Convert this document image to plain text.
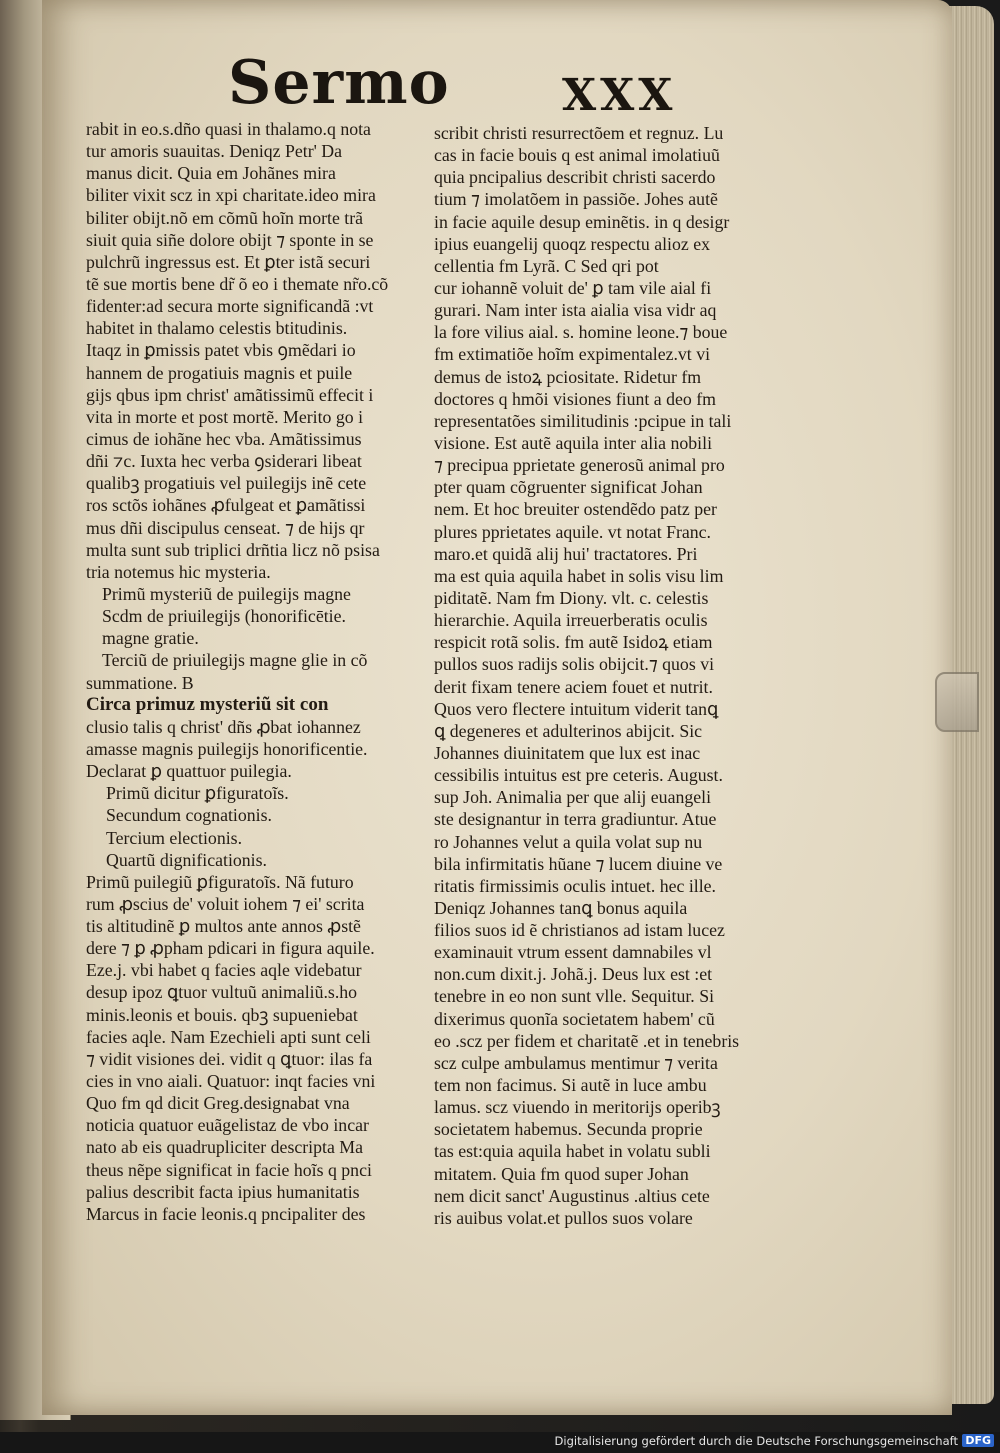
Sermo	XXX
rabit in eo.s.dño quasi in thalamo.q nota
tur amoris suauitas. Deniqz Petr' Da
manus dicit. Quia em Johãnes mira
biliter vixit scz in xpi charitate.ideo mira
biliter obijt.nõ em cõmũ hoĩn morte trã
siuit quia siñe dolore obijt ⁊ sponte in se
pulchrũ ingressus est. Et ꝑter istã securi
tẽ sue mortis bene dr̃ õ eo i themate nr̃o.cõ
fidenter:ad secura morte significandã :vt
habitet in thalamo celestis btitudinis.
Itaqz in ꝑmissis patet vbis ꝯmẽdari io
hannem de progatiuis magnis et puile
gijs qbus ipm christ' amãtissimũ effecit i
vita in morte et post mortẽ. Merito go i
cimus de iohãne hec vba. Amãtissimus
dñi ⁊c. Iuxta hec verba ꝯsiderari libeat
qualibꝫ progatiuis vel puilegijs inẽ cete
ros sctõs iohãnes ꝓfulgeat et ꝑamãtissi
mus dñi discipulus censeat. ⁊ de hijs qr
multa sunt sub triplici drñtia licz nõ psisa
tria notemus hic mysteria.
Primũ mysteriũ de puilegijs magne
Scdm de priuilegijs (honorificētie.
magne gratie.
Terciũ de priuilegijs magne glie in cõ
summatione. B
Circa primuz mysteriũ sit con
clusio talis q christ' dñs ꝓbat iohannez
amasse magnis puilegijs honorificentie.
Declarat ꝑ quattuor puilegia.
Primũ dicitur ꝑfiguratoĩs.
Secundum cognationis.
Tercium electionis.
Quartũ dignificationis.
Primũ puilegiũ ꝑfiguratoĩs. Nã futuro
rum ꝓscius de' voluit iohem ⁊ ei' scrita
tis altitudinẽ ꝑ multos ante annos ꝓstẽ
dere ⁊ ꝑ ꝓpham pdicari in figura aquile.
Eze.j. vbi habet q facies aqle videbatur
desup ipoz ꝗtuor vultuũ animaliũ.s.ho
minis.leonis et bouis. qbꝫ supueniebat
facies aqle. Nam Ezechieli apti sunt celi
⁊ vidit visiones dei. vidit q ꝗtuor: ilas fa
cies in vno aiali. Quatuor: inqt facies vni
Quo fm qd dicit Greg.designabat vna
noticia quatuor euãgelistaz de vbo incar
nato ab eis quadrupliciter descripta Ma
theus nẽpe significat in facie hoĩs q pnci
palius describit facta ipius humanitatis
Marcus in facie leonis.q pncipaliter des
scribit christi resurrectõem et regnuz. Lu
cas in facie bouis q est animal imolatiuũ
quia pncipalius describit christi sacerdo
tium ⁊ imolatõem in passiõe. Johes autẽ
in facie aquile desup eminẽtis. in q desigr
ipius euangelij quoqz respectu alioz ex
cellentia fm Lyrã. C Sed qri pot
cur iohannẽ voluit de' ꝑ tam vile aial fi
gurari. Nam inter ista aialia visa vidr aq
la fore vilius aial. s. homine leone.⁊ boue
fm extimatiõe hoĩm expimentalez.vt vi
demus de istoꝝ pciositate. Ridetur fm
doctores q hmõi visiones fiunt a deo fm
representatões similitudinis :pcipue in tali
visione. Est autẽ aquila inter alia nobili
⁊ precipua pprietate generosũ animal pro
pter quam cõgruenter significat Johan
nem. Et hoc breuiter ostendẽdo patz per
plures pprietates aquile. vt notat Franc.
maro.et quidã alij hui' tractatores. Pri
ma est quia aquila habet in solis visu lim
piditatẽ. Nam fm Diony. vlt. c. celestis
hierarchie. Aquila irreuerberatis oculis
respicit rotã solis. fm autẽ Isidoꝝ etiam
pullos suos radijs solis obijcit.⁊ quos vi
derit fixam tenere aciem fouet et nutrit.
Quos vero flectere intuitum viderit tanꝗ
ꝗ degeneres et adulterinos abijcit. Sic
Johannes diuinitatem que lux est inac
cessibilis intuitus est pre ceteris. August.
sup Joh. Animalia per que alij euangeli
ste designantur in terra gradiuntur. Atue
ro Johannes velut a quila volat sup nu
bila infirmitatis hũane ⁊ lucem diuine ve
ritatis firmissimis oculis intuet. hec ille.
Deniqz Johannes tanꝗ bonus aquila
filios suos id ẽ christianos ad istam lucez
examinauit vtrum essent damnabiles vl
non.cum dixit.j. Johã.j. Deus lux est :et
tenebre in eo non sunt vlle. Sequitur. Si
dixerimus quonĩa societatem habem' cũ
eo .scz per fidem et charitatẽ .et in tenebris
scz culpe ambulamus mentimur ⁊ verita
tem non facimus. Si autẽ in luce ambu
lamus. scz viuendo in meritorijs operibꝫ
societatem habemus. Secunda proprie
tas est:quia aquila habet in volatu subli
mitatem. Quia fm quod super Johan
nem dicit sanct' Augustinus .altius cete
ris auibus volat.et pullos suos volare
Digitalisierung gefördert durch die Deutsche Forschungsgemeinschaft DFG
